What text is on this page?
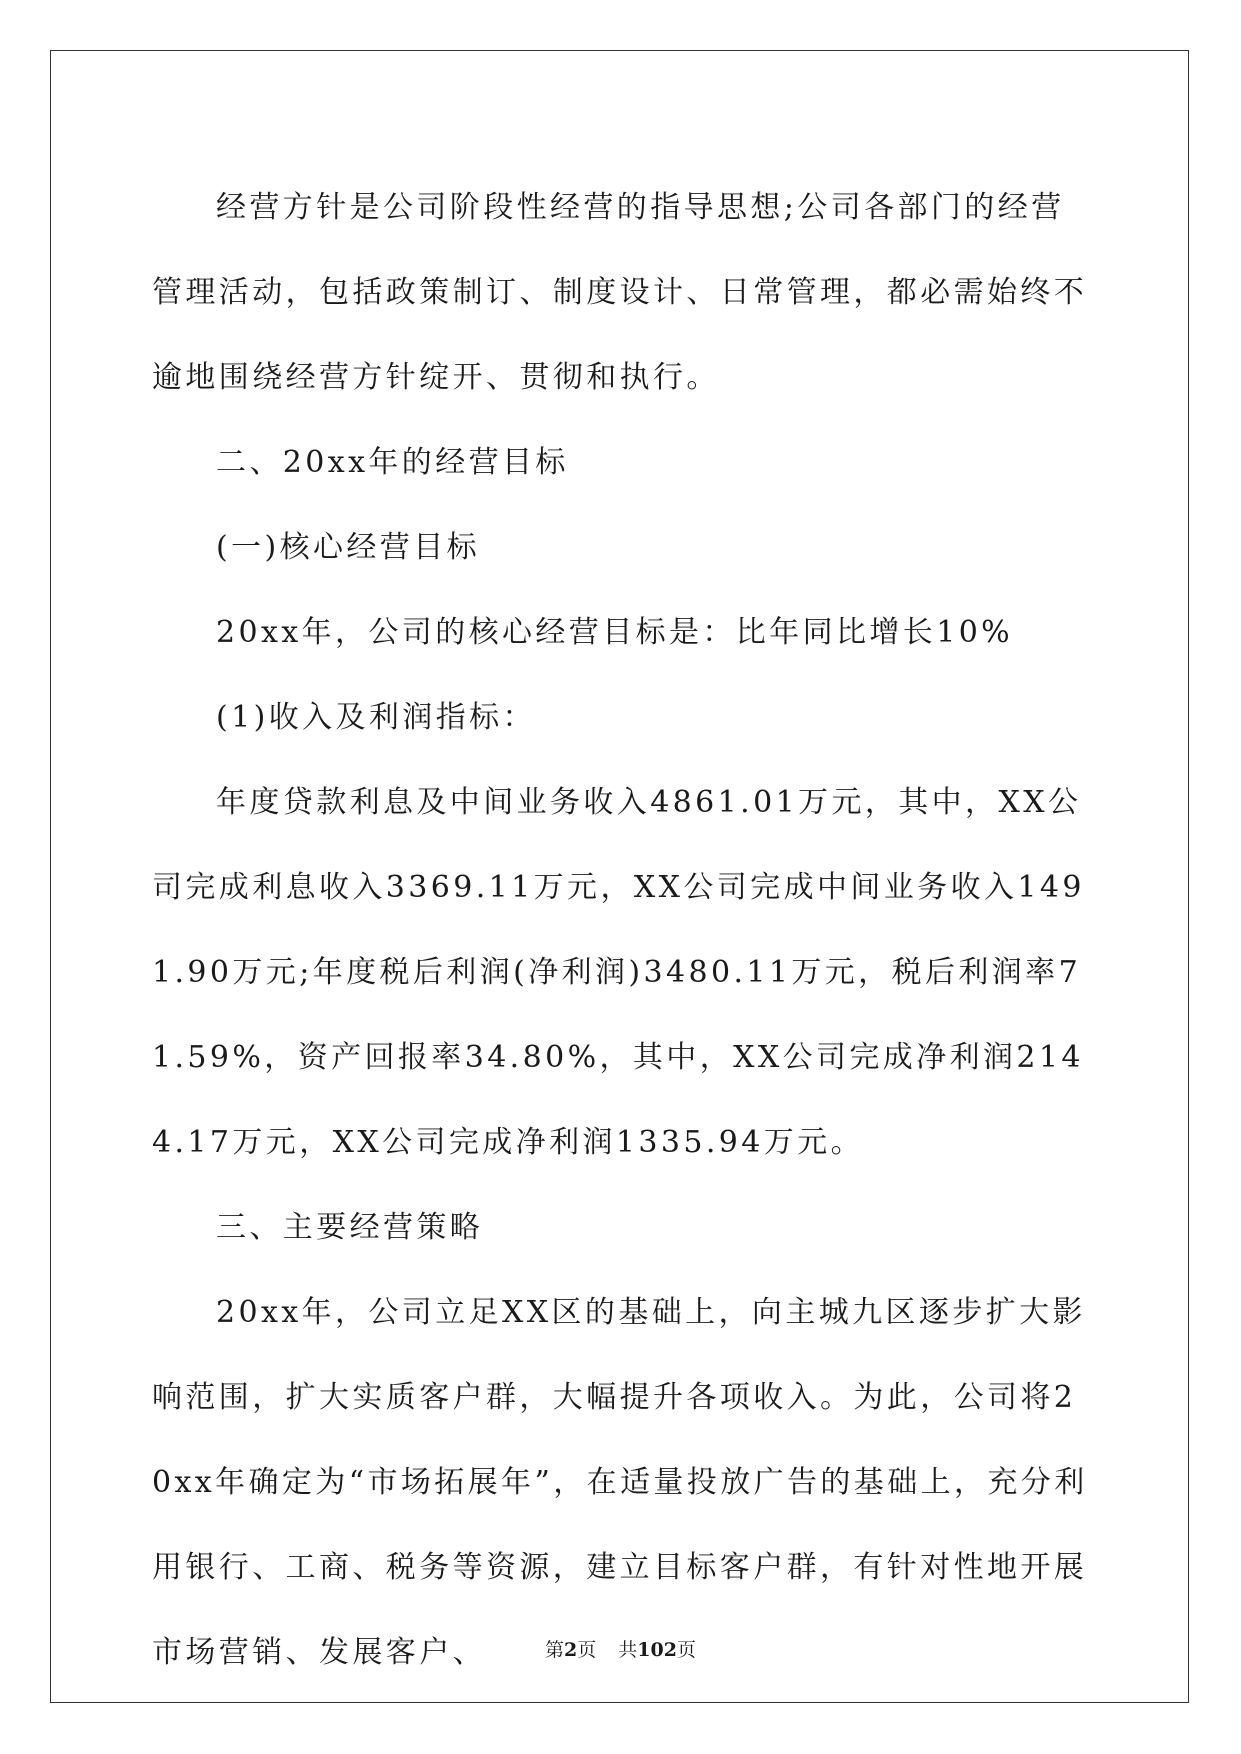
经营方针是公司阶段性经营的指导思想;公司各部门的经营管理活动，包括政策制订、制度设计、日常管理，都必需始终不逾地围绕经营方针绽开、贯彻和执行。

二、20xx年的经营目标

(一)核心经营目标

20xx年，公司的核心经营目标是：比年同比增长10%

(1)收入及利润指标：

年度贷款利息及中间业务收入4861.01万元，其中，XX公司完成利息收入3369.11万元，XX公司完成中间业务收入1491.90万元;年度税后利润(净利润)3480.11万元，税后利润率71.59%，资产回报率34.80%，其中，XX公司完成净利润2144.17万元，XX公司完成净利润1335.94万元。

三、主要经营策略

20xx年，公司立足XX区的基础上，向主城九区逐步扩大影响范围，扩大实质客户群，大幅提升各项收入。为此，公司将20xx年确定为“市场拓展年”，在适量投放广告的基础上，充分利用银行、工商、税务等资源，建立目标客户群，有针对性地开展市场营销、发展客户、	第2页 共102页
